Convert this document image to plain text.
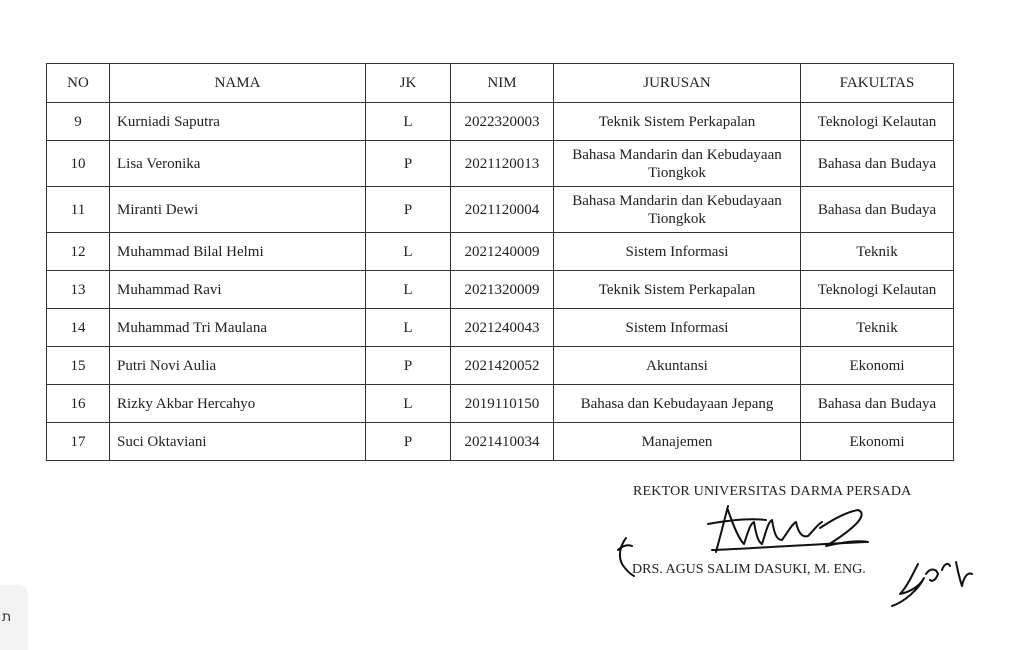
NO	NAMA	JK	NIM	JURUSAN	FAKULTAS
9	Kurniadi Saputra	L	2022320003	Teknik Sistem Perkapalan	Teknologi Kelautan
10	Lisa Veronika	P	2021120013	Bahasa Mandarin dan Kebudayaan Tiongkok	Bahasa dan Budaya
11	Miranti Dewi	P	2021120004	Bahasa Mandarin dan Kebudayaan Tiongkok	Bahasa dan Budaya
12	Muhammad Bilal Helmi	L	2021240009	Sistem Informasi	Teknik
13	Muhammad Ravi	L	2021320009	Teknik Sistem Perkapalan	Teknologi Kelautan
14	Muhammad Tri Maulana	L	2021240043	Sistem Informasi	Teknik
15	Putri Novi Aulia	P	2021420052	Akuntansi	Ekonomi
16	Rizky Akbar Hercahyo	L	2019110150	Bahasa dan Kebudayaan Jepang	Bahasa dan Budaya
17	Suci Oktaviani	P	2021410034	Manajemen	Ekonomi
REKTOR UNIVERSITAS DARMA PERSADA
DRS. AGUS SALIM DASUKI, M. ENG.
ת
